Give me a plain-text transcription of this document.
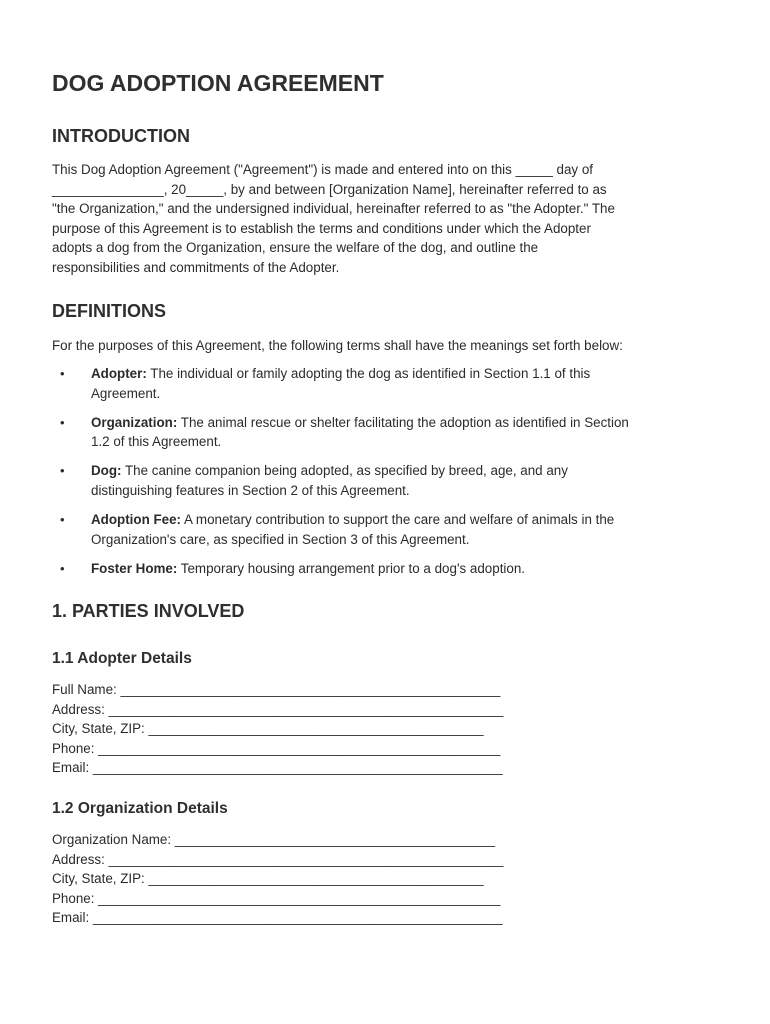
DOG ADOPTION AGREEMENT
INTRODUCTION

This Dog Adoption Agreement ("Agreement") is made and entered into on this _____ day of
_______________, 20_____, by and between [Organization Name], hereinafter referred to as
"the Organization," and the undersigned individual, hereinafter referred to as "the Adopter." The
purpose of this Agreement is to establish the terms and conditions under which the Adopter
adopts a dog from the Organization, ensure the welfare of the dog, and outline the
responsibilities and commitments of the Adopter.

DEFINITIONS

For the purposes of this Agreement, the following terms shall have the meanings set forth below:

• Adopter: The individual or family adopting the dog as identified in Section 1.1 of this
Agreement.
• Organization: The animal rescue or shelter facilitating the adoption as identified in Section
1.2 of this Agreement.
• Dog: The canine companion being adopted, as specified by breed, age, and any
distinguishing features in Section 2 of this Agreement.
• Adoption Fee: A monetary contribution to support the care and welfare of animals in the
Organization's care, as specified in Section 3 of this Agreement.
• Foster Home: Temporary housing arrangement prior to a dog's adoption.
1. PARTIES INVOLVED
1.1 Adopter Details
Full Name: ___________________________________________________
Address: _____________________________________________________
City, State, ZIP: _____________________________________________
Phone: ______________________________________________________
Email: _______________________________________________________
1.2 Organization Details
Organization Name: ___________________________________________
Address: _____________________________________________________
City, State, ZIP: _____________________________________________
Phone: ______________________________________________________
Email: _______________________________________________________
